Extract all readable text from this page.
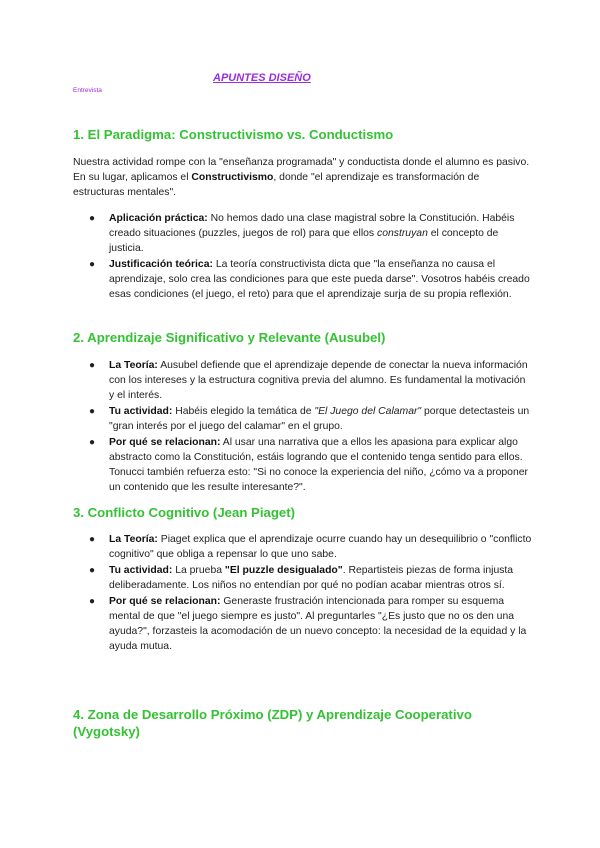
APUNTES DISEÑO
Entrevista
1. El Paradigma: Constructivismo vs. Conductismo

Nuestra actividad rompe con la "enseñanza programada" y conductista donde el alumno es pasivo. En su lugar, aplicamos el Constructivismo, donde "el aprendizaje es transformación de estructuras mentales".

● Aplicación práctica: No hemos dado una clase magistral sobre la Constitución. Habéis creado situaciones (puzzles, juegos de rol) para que ellos construyan el concepto de justicia.
● Justificación teórica: La teoría constructivista dicta que "la enseñanza no causa el aprendizaje, solo crea las condiciones para que este pueda darse". Vosotros habéis creado esas condiciones (el juego, el reto) para que el aprendizaje surja de su propia reflexión.
2. Aprendizaje Significativo y Relevante (Ausubel)
● La Teoría: Ausubel defiende que el aprendizaje depende de conectar la nueva información con los intereses y la estructura cognitiva previa del alumno. Es fundamental la motivación y el interés.
● Tu actividad: Habéis elegido la temática de "El Juego del Calamar" porque detectasteis un "gran interés por el juego del calamar" en el grupo.
● Por qué se relacionan: Al usar una narrativa que a ellos les apasiona para explicar algo abstracto como la Constitución, estáis logrando que el contenido tenga sentido para ellos. Tonucci también refuerza esto: "Si no conoce la experiencia del niño, ¿cómo va a proponer un contenido que les resulte interesante?".
3. Conflicto Cognitivo (Jean Piaget)
● La Teoría: Piaget explica que el aprendizaje ocurre cuando hay un desequilibrio o "conflicto cognitivo" que obliga a repensar lo que uno sabe.
● Tu actividad: La prueba "El puzzle desigualado". Repartisteis piezas de forma injusta deliberadamente. Los niños no entendían por qué no podían acabar mientras otros sí.
● Por qué se relacionan: Generaste frustración intencionada para romper su esquema mental de que "el juego siempre es justo". Al preguntarles "¿Es justo que no os den una ayuda?", forzasteis la acomodación de un nuevo concepto: la necesidad de la equidad y la ayuda mutua.
4. Zona de Desarrollo Próximo (ZDP) y Aprendizaje Cooperativo (Vygotsky)
